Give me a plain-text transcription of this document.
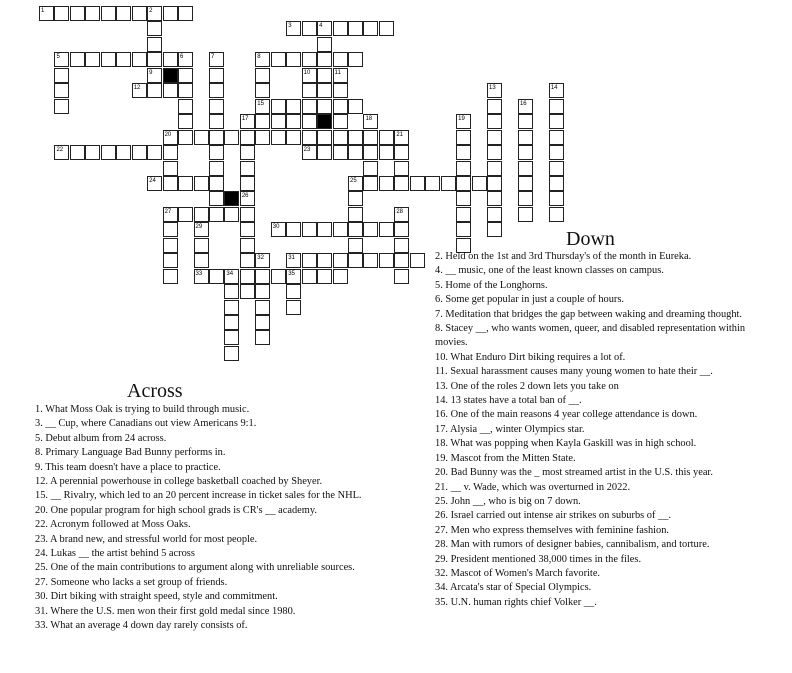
1	2
3	4
5	6	7	8
9	10	11
12	13	14
15	16
17	18	19
20	21
22	23
24	25
26
27	28
29	30
31
32
33	34	35
Across
1. What Moss Oak is trying to build through music.
3. __ Cup, where Canadians out view Americans 9:1.
5. Debut album from 24 across.
8. Primary Language Bad Bunny performs in.
9. This team doesn't have a place to practice.
12. A perennial powerhouse in college basketball coached by Sheyer.
15. __ Rivalry, which led to an 20 percent increase in ticket sales for the NHL.
20. One popular program for high school grads is CR's __ academy.
22. Acronym followed at Moss Oaks.
23. A brand new, and stressful world for most people.
24. Lukas __ the artist behind 5 across
25. One of the main contributions to argument along with unreliable sources.
27. Someone who lacks a set group of friends.
30. Dirt biking with straight speed, style and commitment.
31. Where the U.S. men won their first gold medal since 1980.
33. What an average 4 down day rarely consists of.
Down
2. Held on the 1st and 3rd Thursday's of the month in Eureka.
4. __ music, one of the least known classes on campus.
5. Home of the Longhorns.
6. Some get popular in just a couple of hours.
7. Meditation that bridges the gap between waking and dreaming thought.
8. Stacey __, who wants women, queer, and disabled representation within movies.
10. What Enduro Dirt biking requires a lot of.
11. Sexual harassment causes many young women to hate their __.
13. One of the roles 2 down lets you take on
14. 13 states have a total ban of __.
16. One of the main reasons 4 year college attendance is down.
17. Alysia __, winter Olympics star.
18. What was popping when Kayla Gaskill was in high school.
19. Mascot from the Mitten State.
20. Bad Bunny was the _ most streamed artist in the U.S. this year.
21. __ v. Wade, which was overturned in 2022.
25. John __, who is big on 7 down.
26. Israel carried out intense air strikes on suburbs of __.
27. Men who express themselves with feminine fashion.
28. Man with rumors of designer babies, cannibalism, and torture.
29. President mentioned 38,000 times in the files.
32. Mascot of Women's March favorite.
34. Arcata's star of Special Olympics.
35. U.N. human rights chief Volker __.
